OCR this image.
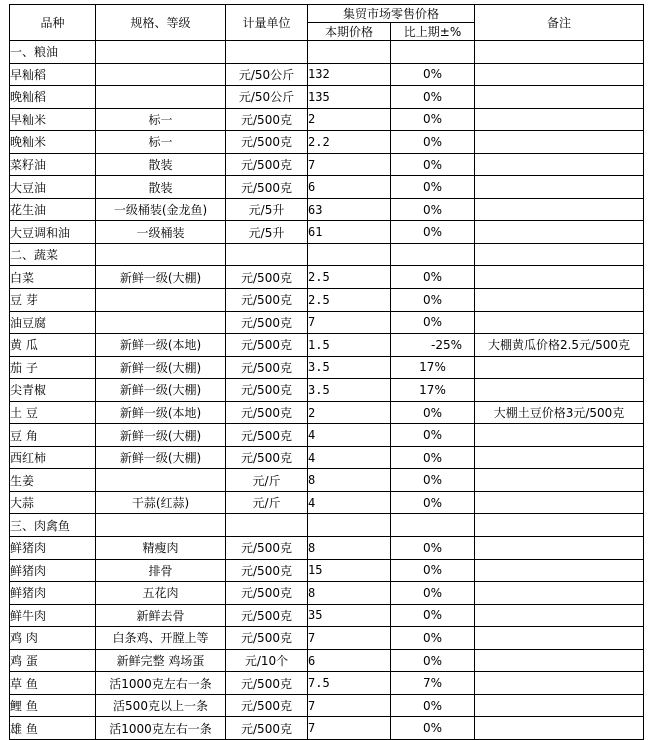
品种	规格、等级	计量单位	集贸市场零售价格		备注
			本期价格	比上期±%	
一、粮油					
早籼稻		元/50公斤	132	0%	
晚籼稻		元/50公斤	135	0%	
早籼米	标一	元/500克	2	0%	
晚籼米	标一	元/500克	2.2	0%	
菜籽油	散装	元/500克	7	0%	
大豆油	散装	元/500克	6	0%	
花生油	一级桶装(金龙鱼)	元/5升	63	0%	
大豆调和油	一级桶装	元/5升	61	0%	
二、蔬菜					
白菜	新鲜一级(大棚)	元/500克	2.5	0%	
豆 芽		元/500克	2.5	0%	
油豆腐		元/500克	7	0%	
黄 瓜	新鲜一级(本地)	元/500克	1.5	-25%	大棚黄瓜价格2.5元/500克
茄 子	新鲜一级(大棚)	元/500克	3.5	17%	
尖青椒	新鲜一级(大棚)	元/500克	3.5	17%	
土 豆	新鲜一级(本地)	元/500克	2	0%	大棚土豆价格3元/500克
豆 角	新鲜一级(大棚)	元/500克	4	0%	
西红柿	新鲜一级(大棚)	元/500克	4	0%	
生姜		元/斤	8	0%	
大蒜	干蒜(红蒜)	元/斤	4	0%	
三、肉禽鱼					
鲜猪肉	精瘦肉	元/500克	8	0%	
鲜猪肉	排骨	元/500克	15	0%	
鲜猪肉	五花肉	元/500克	8	0%	
鲜牛肉	新鲜去骨	元/500克	35	0%	
鸡 肉	白条鸡、开膛上等	元/500克	7	0%	
鸡 蛋	新鲜完整 鸡场蛋	元/10个	6	0%	
草 鱼	活1000克左右一条	元/500克	7.5	7%	
鲤 鱼	活500克以上一条	元/500克	7	0%	
雄 鱼	活1000克左右一条	元/500克	7	0%	
